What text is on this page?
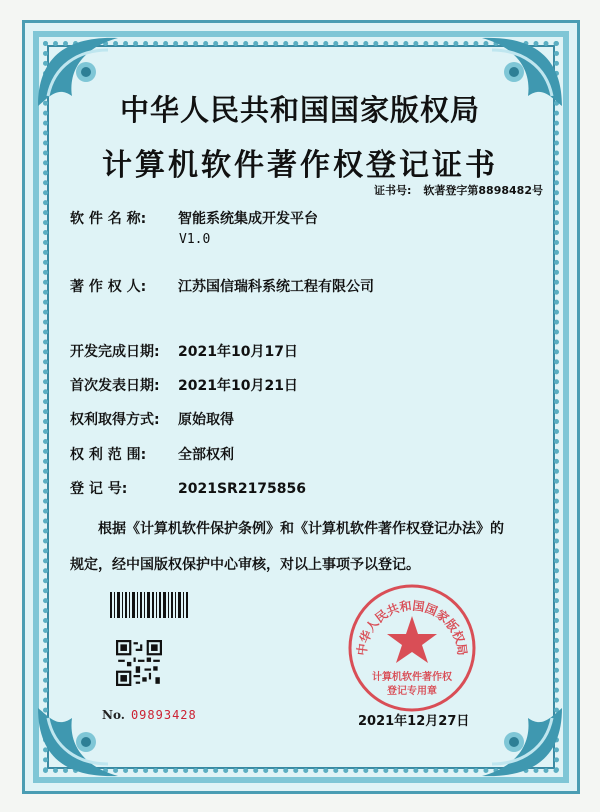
中华人民共和国国家版权局
计算机软件著作权登记证书
证书号: 软著登字第8898482号
软 件 名 称: 智能系统集成开发平台
V1.0
著 作 权 人: 江苏国信瑞科系统工程有限公司
开发完成日期: 2021年10月17日
首次发表日期: 2021年10月21日
权利取得方式: 原始取得
权 利 范 围: 全部权利
登 记 号:	2021SR2175856
根据《计算机软件保护条例》和《计算机软件著作权登记办法》的
规定，经中国版权保护中心审核，对以上事项予以登记。
No. 09893428
中华人民共和国国家版权局
计算机软件著作权
登记专用章
2021年12月27日
